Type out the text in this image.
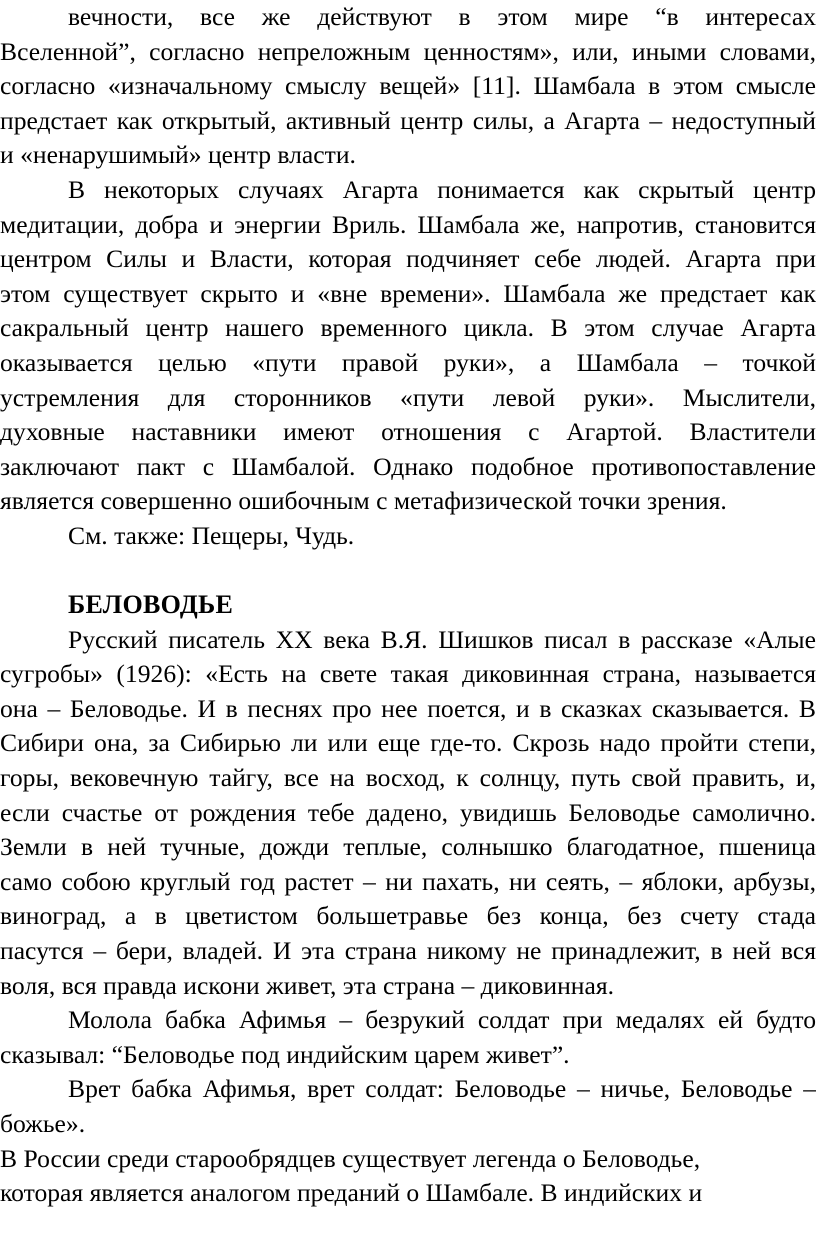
вечности, все же действуют в этом мире “в интересах
Вселенной”, согласно непреложным ценностям», или, иными словами,
согласно «изначальному смыслу вещей» [11]. Шамбала в этом смысле
предстает как открытый, активный центр силы, а Агарта – недоступный
и «ненарушимый» центр власти.

В некоторых случаях Агарта понимается как скрытый центр
медитации, добра и энергии Вриль. Шамбала же, напротив, становится
центром Силы и Власти, которая подчиняет себе людей. Агарта при
этом существует скрыто и «вне времени». Шамбала же предстает как
сакральный центр нашего временного цикла. В этом случае Агарта
оказывается целью «пути правой руки», а Шамбала – точкой
устремления для сторонников «пути левой руки». Мыслители,
духовные наставники имеют отношения с Агартой. Властители
заключают пакт с Шамбалой. Однако подобное противопоставление
является совершенно ошибочным с метафизической точки зрения.

См. также: Пещеры, Чудь.

БЕЛОВОДЬЕ

Русский писатель XX века В.Я. Шишков писал в рассказе «Алые
сугробы» (1926): «Есть на свете такая диковинная страна, называется
она – Беловодье. И в песнях про нее поется, и в сказках сказывается. В
Сибири она, за Сибирью ли или еще где-то. Скрозь надо пройти степи,
горы, вековечную тайгу, все на восход, к солнцу, путь свой править, и,
если счастье от рождения тебе дадено, увидишь Беловодье самолично.
Земли в ней тучные, дожди теплые, солнышко благодатное, пшеница
само собою круглый год растет – ни пахать, ни сеять, – яблоки, арбузы,
виноград, а в цветистом большетравье без конца, без счету стада
пасутся – бери, владей. И эта страна никому не принадлежит, в ней вся
воля, вся правда искони живет, эта страна – диковинная.

Молола бабка Афимья – безрукий солдат при медалях ей будто
сказывал: “Беловодье под индийским царем живет”.

Врет бабка Афимья, врет солдат: Беловодье – ничье, Беловодье –
божье».

В России среди старообрядцев существует легенда о Беловодье,
которая является аналогом преданий о Шамбале. В индийских и
